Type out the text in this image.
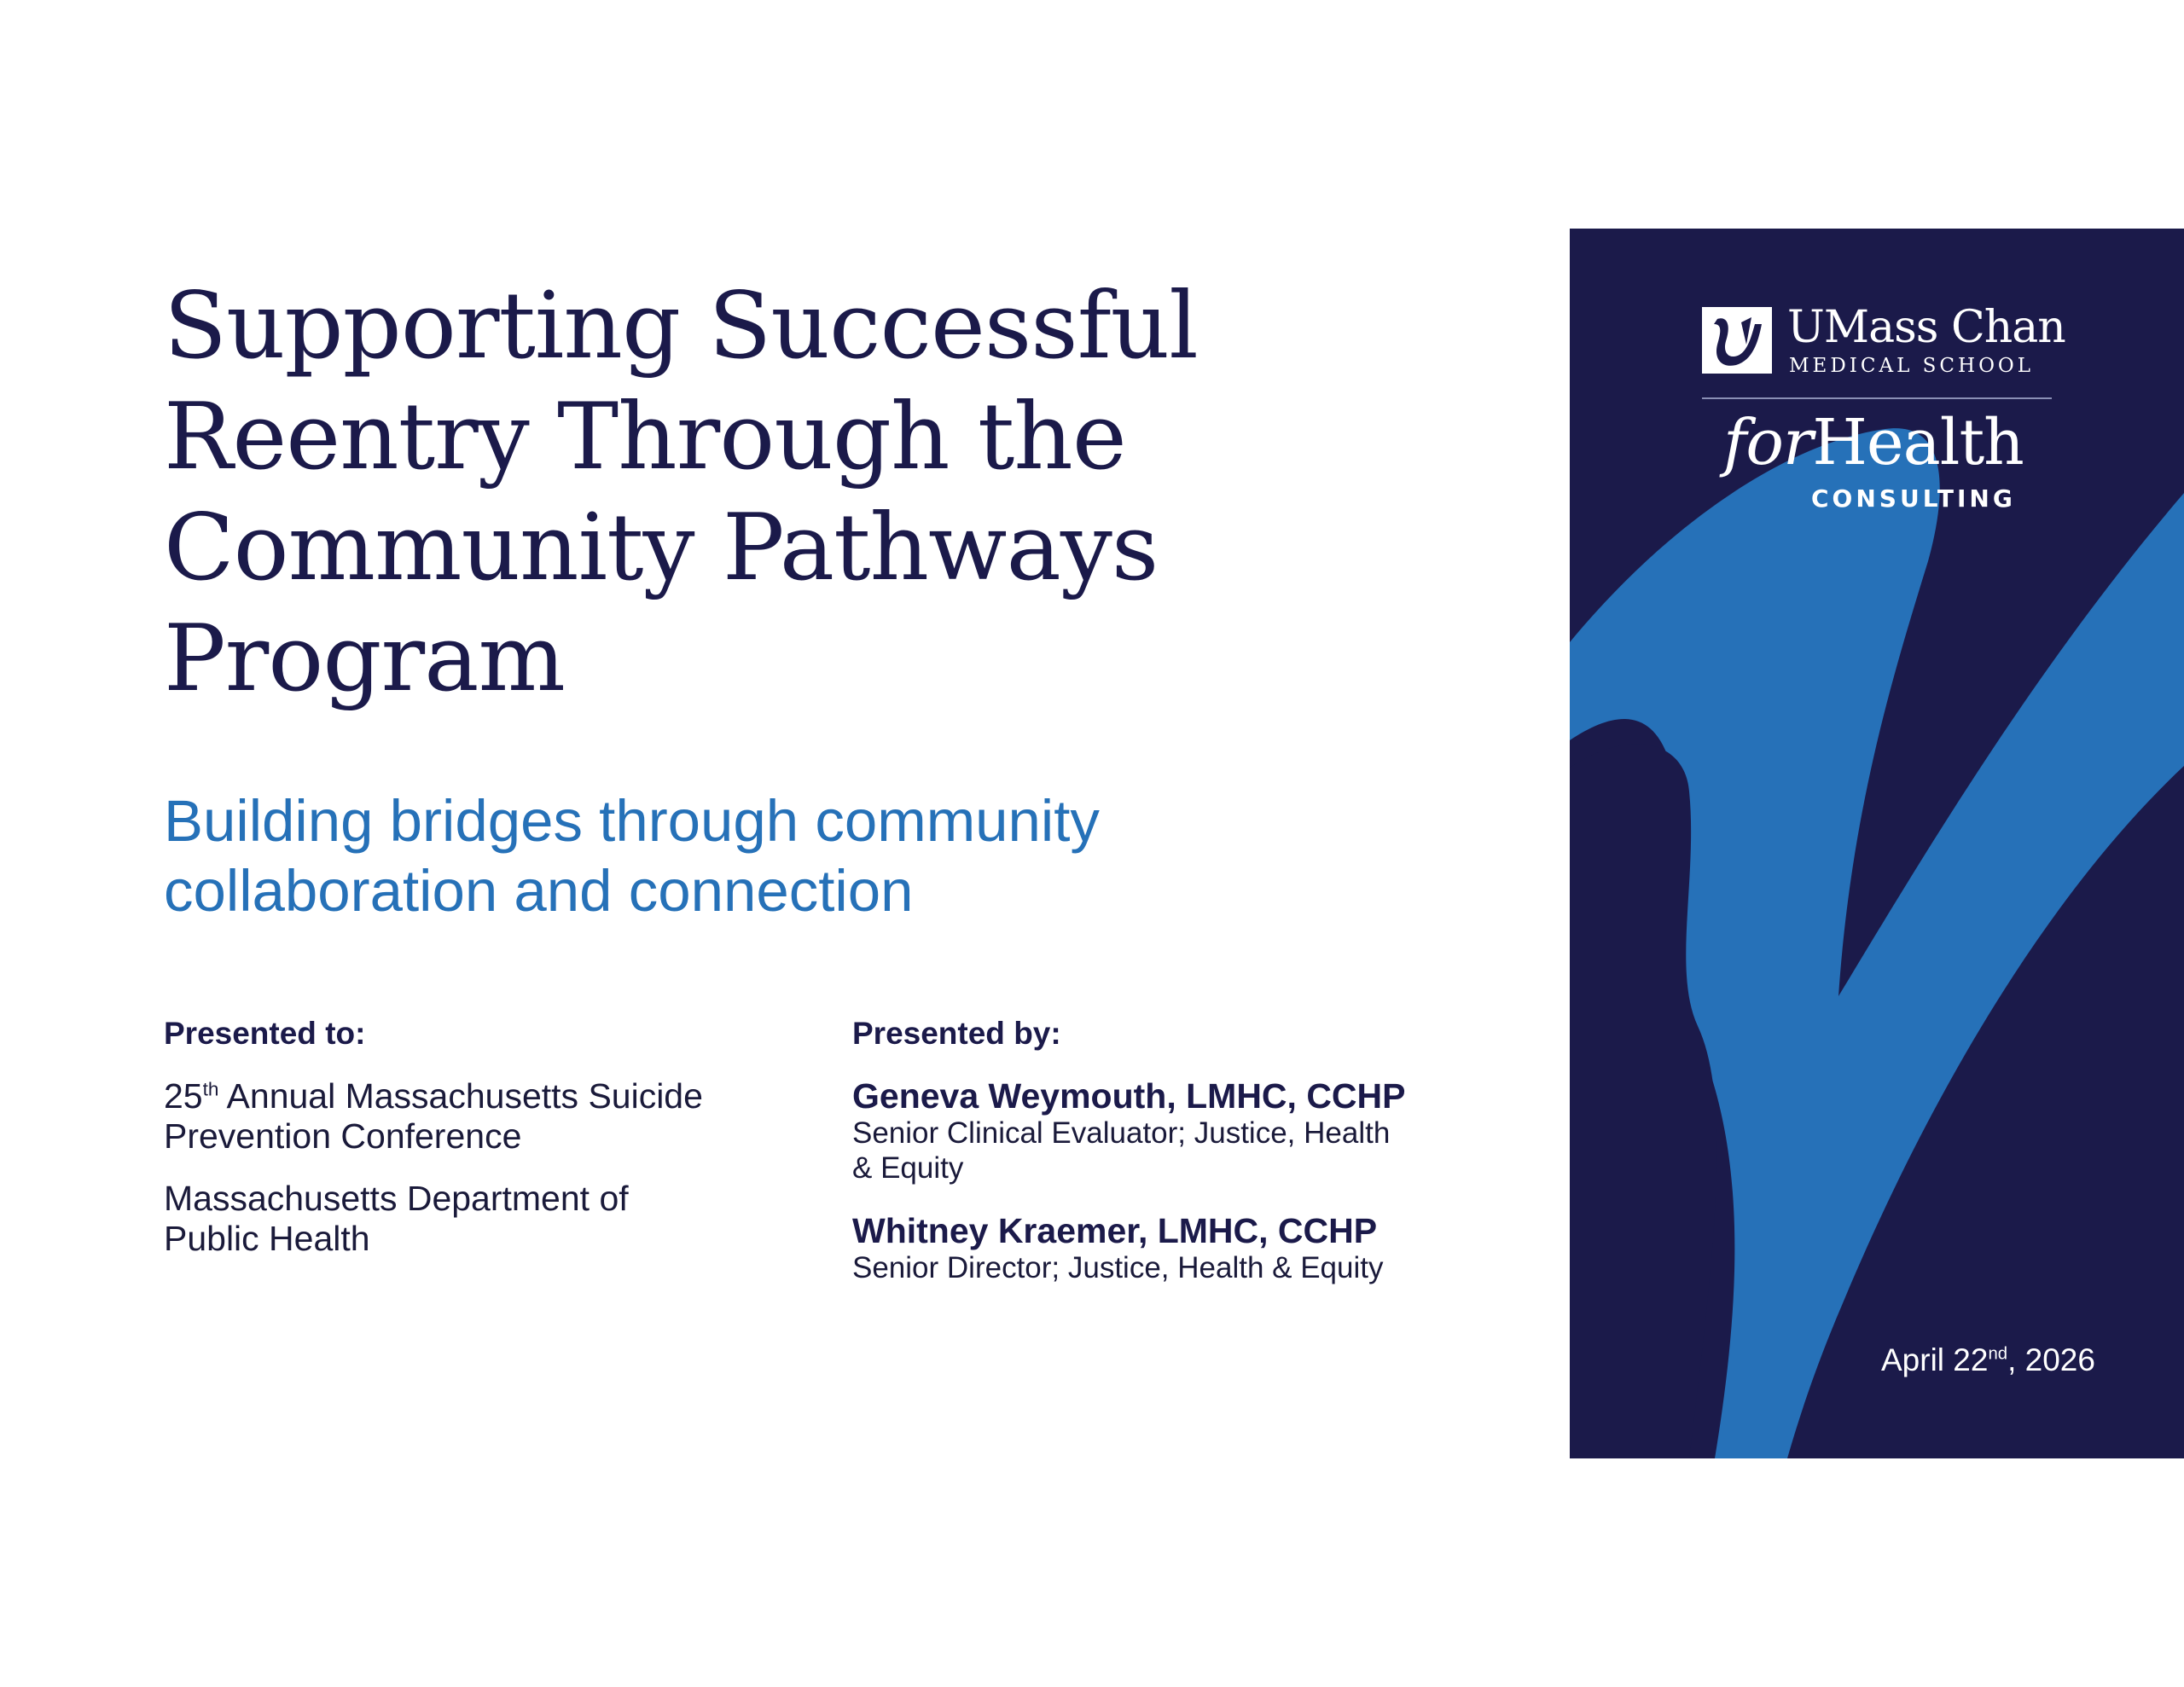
Supporting Successful
Reentry Through the
Community Pathways
Program
Building bridges through community
collaboration and connection

Presented to:

25th Annual Massachusetts Suicide
Prevention Conference

Massachusetts Department of
Public Health

Presented by:

Geneva Weymouth, LMHC, CCHP
Senior Clinical Evaluator; Justice, Health
& Equity
Whitney Kraemer, LMHC, CCHP
Senior Director; Justice, Health & Equity
UMass Chan
MEDICAL SCHOOL
forHealth
CONSULTING
April 22nd, 2026
